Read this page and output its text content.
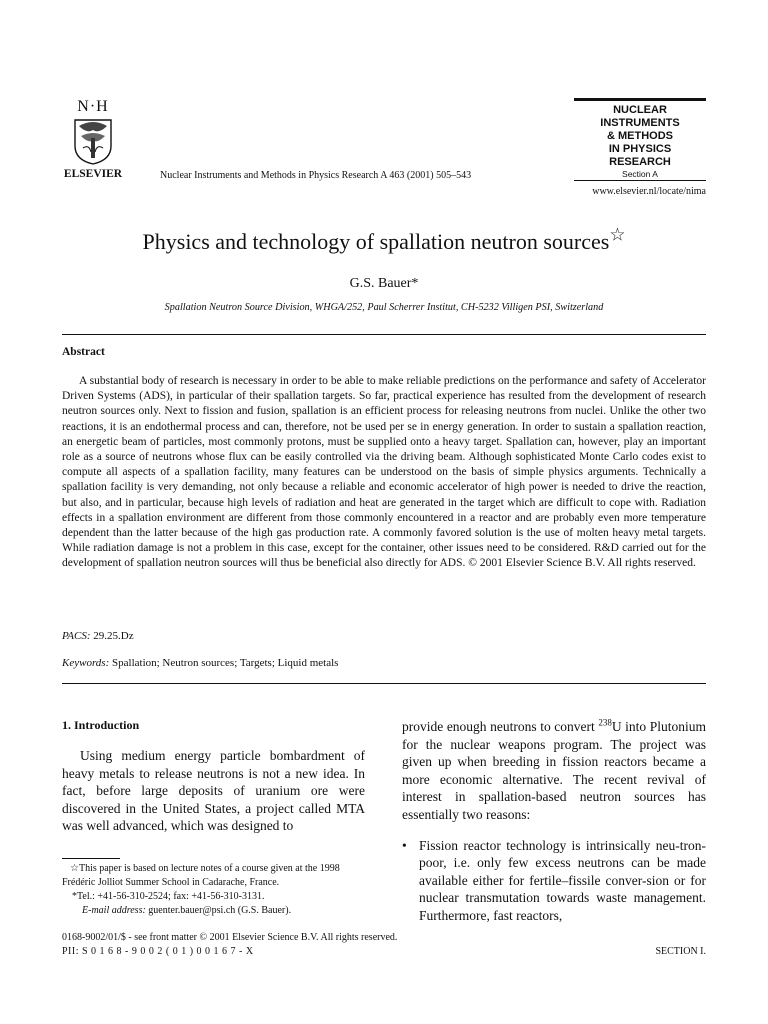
N·H
ELSEVIER	Nuclear Instruments and Methods in Physics Research A 463 (2001) 505–543
NUCLEAR
INSTRUMENTS
& METHODS
IN PHYSICS
RESEARCH
Section A
www.elsevier.nl/locate/nima
Physics and technology of spallation neutron sources☆
G.S. Bauer*
Spallation Neutron Source Division, WHGA/252, Paul Scherrer Institut, CH-5232 Villigen PSI, Switzerland
Abstract

A substantial body of research is necessary in order to be able to make reliable predictions on the performance and safety of Accelerator Driven Systems (ADS), in particular of their spallation targets. So far, practical experience has resulted from the development of research neutron sources only. Next to fission and fusion, spallation is an efficient process for releasing neutrons from nuclei. Unlike the other two reactions, it is an endothermal process and can, therefore, not be used per se in energy generation. In order to sustain a spallation reaction, an energetic beam of particles, most commonly protons, must be supplied onto a heavy target. Spallation can, however, play an important role as a source of neutrons whose flux can be easily controlled via the driving beam. Although sophisticated Monte Carlo codes exist to compute all aspects of a spallation facility, many features can be understood on the basis of simple physics arguments. Technically a spallation facility is very demanding, not only because a reliable and economic accelerator of high power is needed to drive the reaction, but also, and in particular, because high levels of radiation and heat are generated in the target which are difficult to cope with. Radiation effects in a spallation environment are different from those commonly encountered in a reactor and are probably even more temperature dependent than the latter because of the high gas production rate. A commonly favored solution is the use of molten heavy metal targets. While radiation damage is not a problem in this case, except for the container, other issues need to be considered. R&D carried out for the development of spallation neutron sources will thus be beneficial also directly for ADS. © 2001 Elsevier Science B.V. All rights reserved.

PACS: 29.25.Dz
Keywords: Spallation; Neutron sources; Targets; Liquid metals
1. Introduction

Using medium energy particle bombardment of heavy metals to release neutrons is not a new idea. In fact, before large deposits of uranium ore were discovered in the United States, a project called MTA was well advanced, which was designed to

provide enough neutrons to convert $^{238}$U into Plutonium for the nuclear weapons program. The project was given up when breeding in fission reactors became a more economic alternative. The recent revival of interest in spallation-based neutron sources has essentially two reasons:

• Fission reactor technology is intrinsically neu-tron-poor, i.e. only few excess neutrons can be made available either for fertile–fissile conver-sion or for nuclear transmutation towards waste management. Furthermore, fast reactors,

☆This paper is based on lecture notes of a course given at the 1998 Frédéric Jolliot Summer School in Cadarache, France.

*Tel.: +41-56-310-2524; fax: +41-56-310-3131.

E-mail address: guenter.bauer@psi.ch (G.S. Bauer).

0168-9002/01/$ - see front matter © 2001 Elsevier Science B.V. All rights reserved.
PII: S 0 1 6 8 - 9 0 0 2 ( 0 1 ) 0 0 1 6 7 - X	SECTION I.
